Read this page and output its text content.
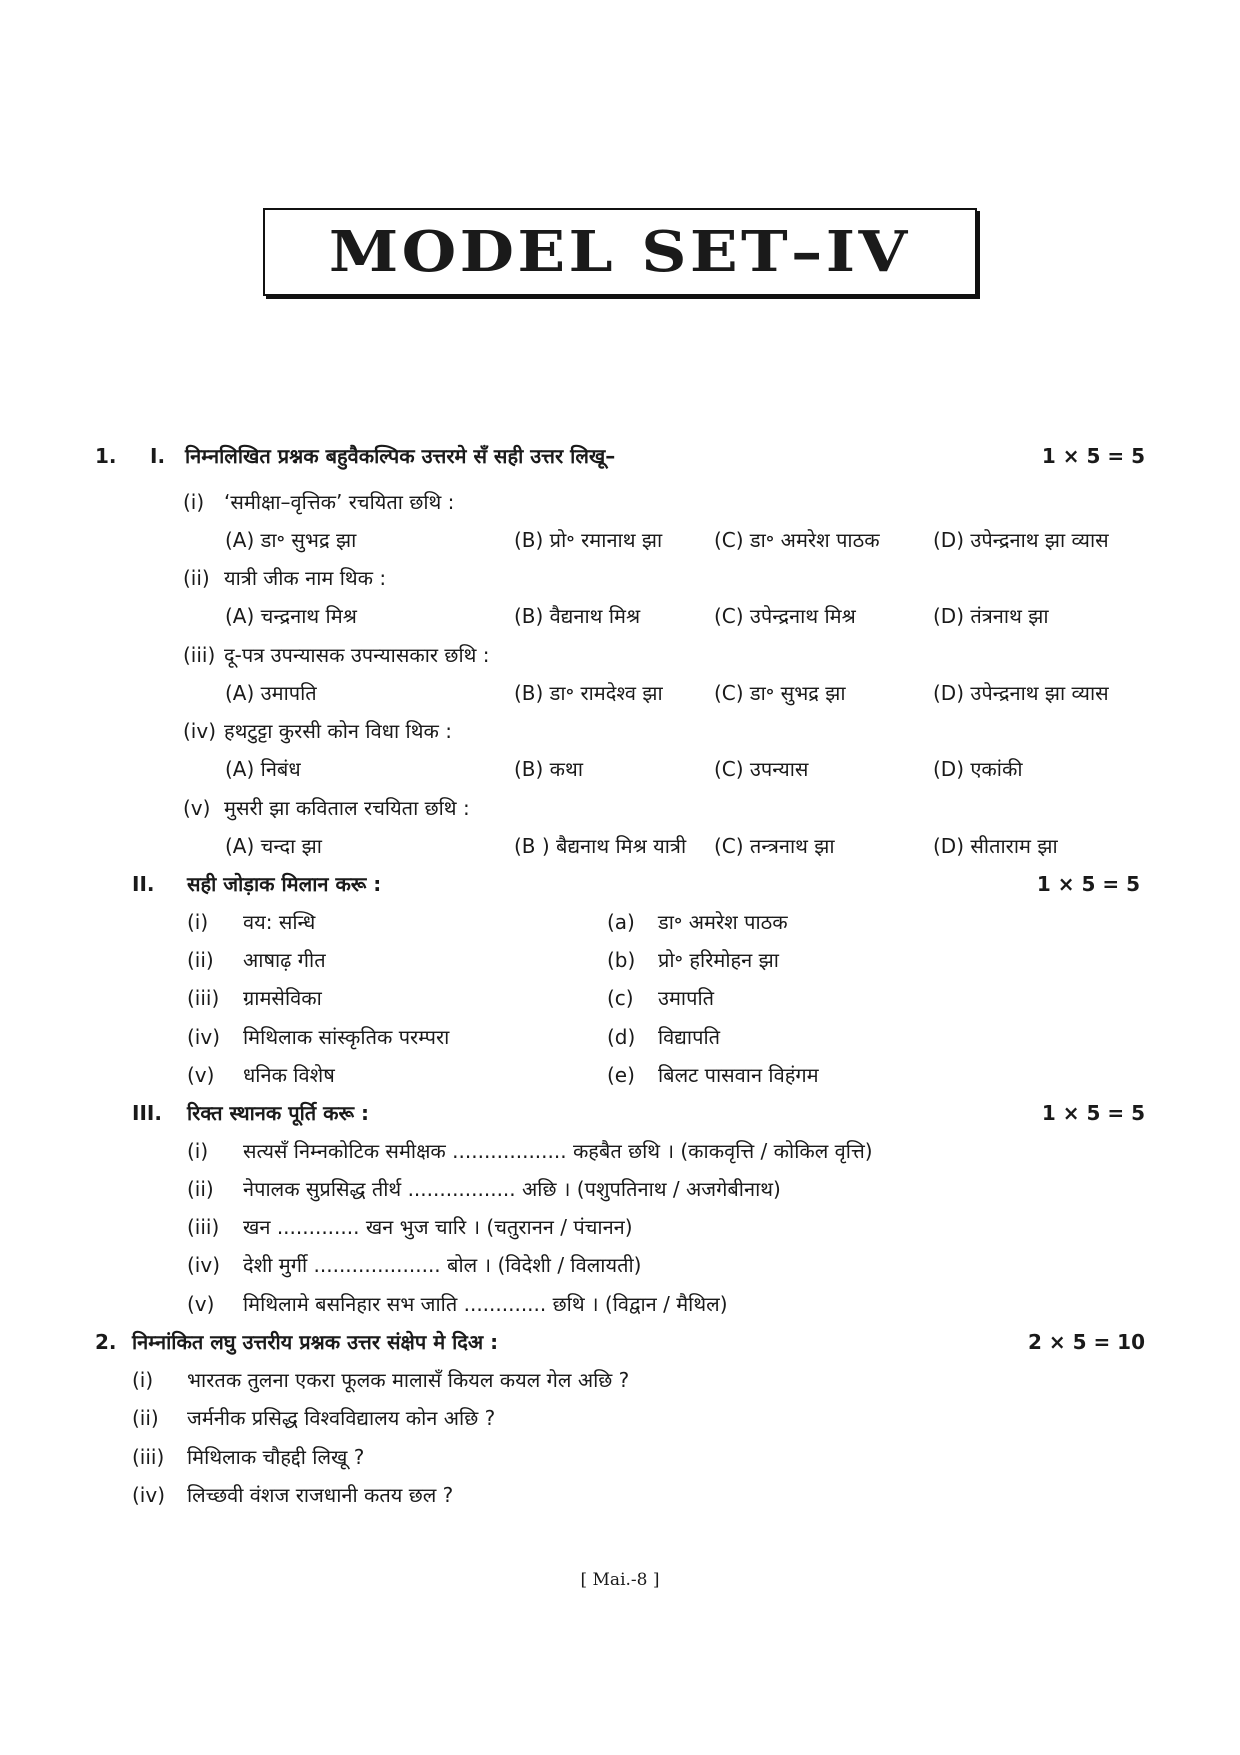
MODEL SET–IV
1. I. निम्नलिखित प्रश्नक बहुवैकल्पिक उत्तरमे सँ सही उत्तर लिखू–	1 × 5 = 5
(i) ‘समीक्षा–वृत्तिक’ रचयिता छथि :
(A) डा॰ सुभद्र झा	(B) प्रो॰ रमानाथ झा	(C) डा॰ अमरेश पाठक	(D) उपेन्द्रनाथ झा व्यास
(ii) यात्री जीक नाम थिक :
(A) चन्द्रनाथ मिश्र	(B) वैद्यनाथ मिश्र	(C) उपेन्द्रनाथ मिश्र	(D) तंत्रनाथ झा
(iii) दू-पत्र उपन्यासक उपन्यासकार छथि :
(A) उमापति	(B) डा॰ रामदेश्व झा	(C) डा॰ सुभद्र झा	(D) उपेन्द्रनाथ झा व्यास
(iv) हथटुट्टा कुरसी कोन विधा थिक :
(A) निबंध	(B) कथा	(C) उपन्यास	(D) एकांकी
(v) मुसरी झा कविताल रचयिता छथि :
(A) चन्दा झा	(B ) बैद्यनाथ मिश्र यात्री (C) तन्त्रनाथ झा	(D) सीताराम झा
II. सही जोड़ाक मिलान करू :	1 × 5 = 5
(i) वय: सन्धि	(a) डा॰ अमरेश पाठक
(ii) आषाढ़ गीत	(b) प्रो॰ हरिमोहन झा
(iii) ग्रामसेविका	(c) उमापति
(iv) मिथिलाक सांस्कृतिक परम्परा	(d) विद्यापति
(v) धनिक विशेष	(e) बिलट पासवान विहंगम
III. रिक्त स्थानक पूर्ति करू :	1 × 5 = 5
(i) सत्यसँ निम्नकोटिक समीक्षक .................. कहबैत छथि । (काकवृत्ति / कोकिल वृत्ति)
(ii) नेपालक सुप्रसिद्ध तीर्थ ................. अछि । (पशुपतिनाथ / अजगेबीनाथ)
(iii) खन ............. खन भुज चारि । (चतुरानन / पंचानन)
(iv) देशी मुर्गी .................... बोल । (विदेशी / विलायती)
(v) मिथिलामे बसनिहार सभ जाति ............. छथि । (विद्वान / मैथिल)
2. निम्नांकित लघु उत्तरीय प्रश्नक उत्तर संक्षेप मे दिअ :	2 × 5 = 10
(i) भारतक तुलना एकरा फूलक मालासँ कियल कयल गेल अछि ?
(ii) जर्मनीक प्रसिद्ध विश्वविद्यालय कोन अछि ?
(iii) मिथिलाक चौहद्दी लिखू ?
(iv) लिच्छवी वंशज राजधानी कतय छल ?
[ Mai.-8 ]
